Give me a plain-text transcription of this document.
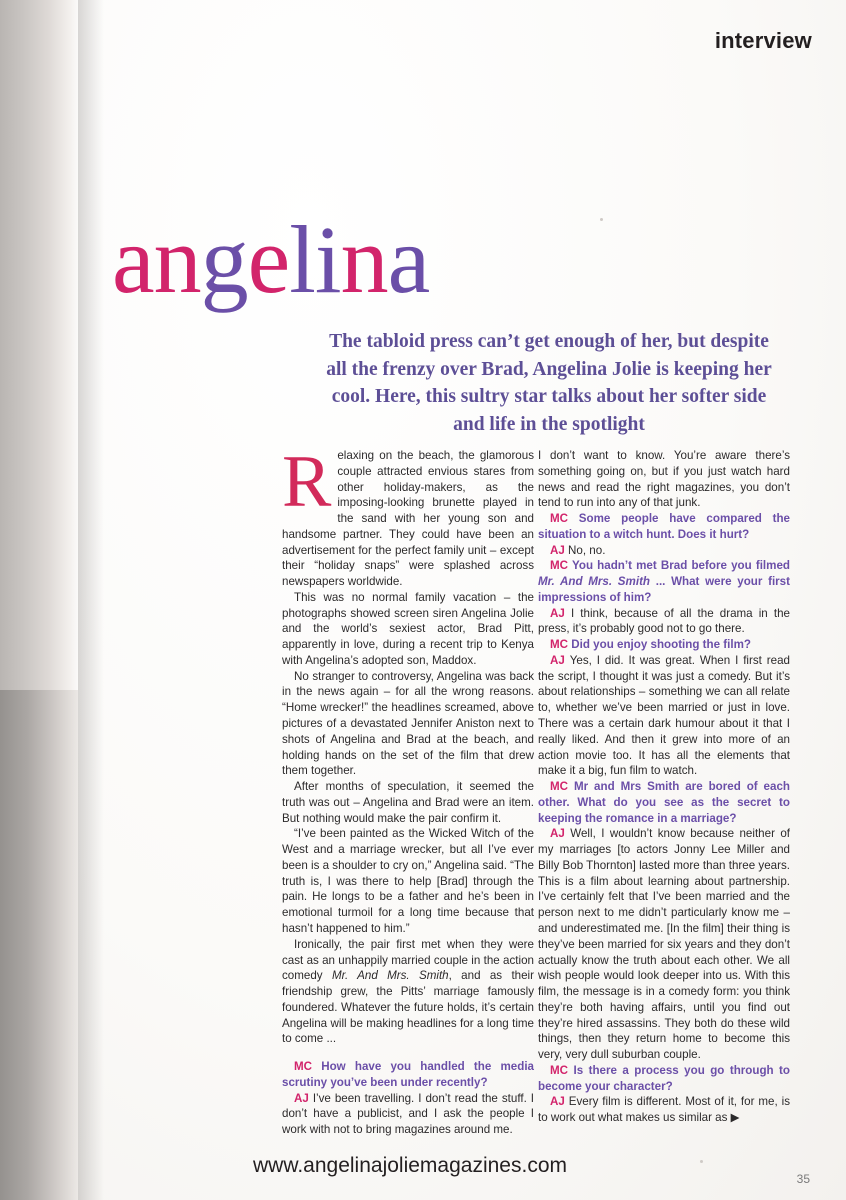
interview
angelina
The tabloid press can’t get enough of her, but despite all the frenzy over Brad, Angelina Jolie is keeping her cool. Here, this sultry star talks about her softer side and life in the spotlight

Relaxing on the beach, the glamorous couple attracted envious stares from other holiday-makers, as the imposing-looking brunette played in the sand with her young son and handsome partner. They could have been an advertisement for the perfect family unit – except their “holiday snaps” were splashed across newspapers worldwide.

This was no normal family vacation – the photographs showed screen siren Angelina Jolie and the world’s sexiest actor, Brad Pitt, apparently in love, during a recent trip to Kenya with Angelina’s adopted son, Maddox.

No stranger to controversy, Angelina was back in the news again – for all the wrong reasons. “Home wrecker!” the headlines screamed, above pictures of a devastated Jennifer Aniston next to shots of Angelina and Brad at the beach, and holding hands on the set of the film that drew them together.

After months of speculation, it seemed the truth was out – Angelina and Brad were an item. But nothing would make the pair confirm it.

“I’ve been painted as the Wicked Witch of the West and a marriage wrecker, but all I’ve ever been is a shoulder to cry on,” Angelina said. “The truth is, I was there to help [Brad] through the pain. He longs to be a father and he’s been in emotional turmoil for a long time because that hasn’t happened to him.”

Ironically, the pair first met when they were cast as an unhappily married couple in the action comedy Mr. And Mrs. Smith, and as their friendship grew, the Pitts’ marriage famously foundered. Whatever the future holds, it’s certain Angelina will be making headlines for a long time to come ...

MC How have you handled the media scrutiny you’ve been under recently?

AJ I’ve been travelling. I don’t read the stuff. I don’t have a publicist, and I ask the people I work with not to bring magazines around me.

I don’t want to know. You’re aware there’s something going on, but if you just watch hard news and read the right magazines, you don’t tend to run into any of that junk.

MC Some people have compared the situation to a witch hunt. Does it hurt?

AJ No, no.

MC You hadn’t met Brad before you filmed Mr. And Mrs. Smith ... What were your first impressions of him?

AJ I think, because of all the drama in the press, it’s probably good not to go there.

MC Did you enjoy shooting the film?

AJ Yes, I did. It was great. When I first read the script, I thought it was just a comedy. But it’s about relationships – something we can all relate to, whether we’ve been married or just in love. There was a certain dark humour about it that I really liked. And then it grew into more of an action movie too. It has all the elements that make it a big, fun film to watch.

MC Mr and Mrs Smith are bored of each other. What do you see as the secret to keeping the romance in a marriage?

AJ Well, I wouldn’t know because neither of my marriages [to actors Jonny Lee Miller and Billy Bob Thornton] lasted more than three years. This is a film about learning about partnership. I’ve certainly felt that I’ve been married and the person next to me didn’t particularly know me – and underestimated me. [In the film] their thing is they’ve been married for six years and they don’t actually know the truth about each other. We all wish people would look deeper into us. With this film, the message is in a comedy form: you think they’re both having affairs, until you find out they’re hired assassins. They both do these wild things, then they return home to become this very, very dull suburban couple.

MC Is there a process you go through to become your character?

AJ Every film is different. Most of it, for me, is to work out what makes us similar as ▶

www.angelinajoliemagazines.com
35
